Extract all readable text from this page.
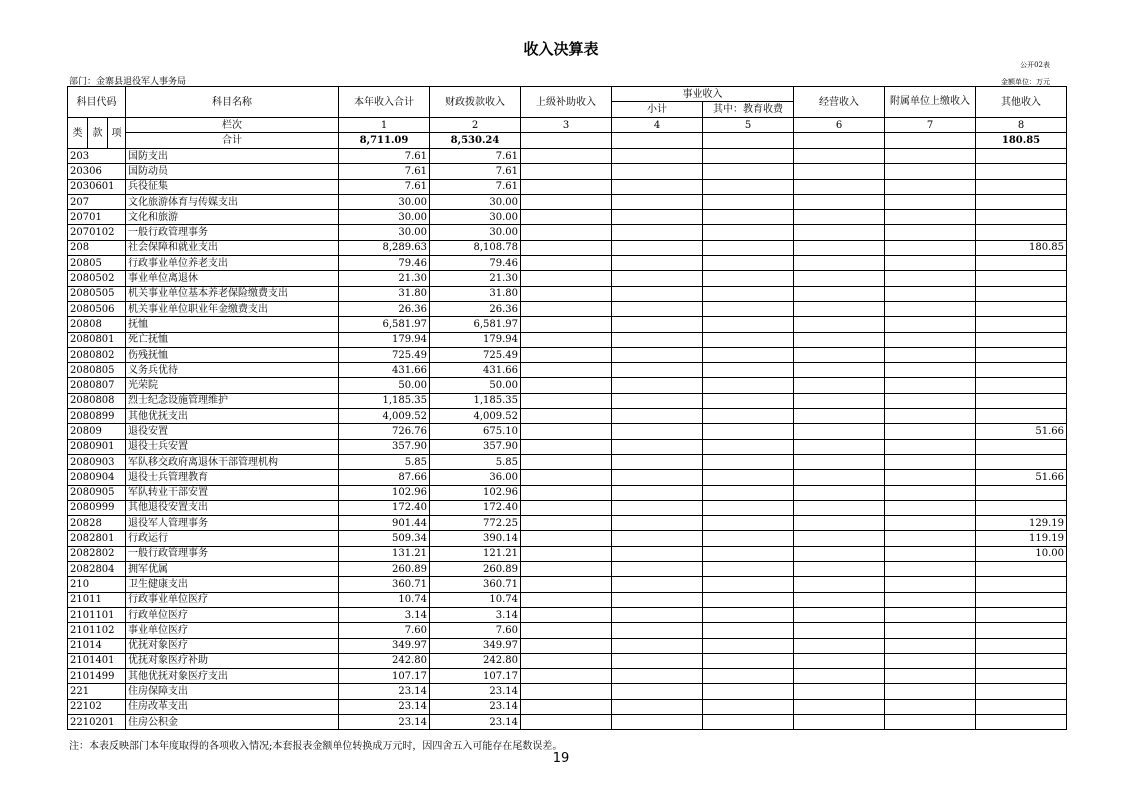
收入决算表
公开02表
部门：金寨县退役军人事务局	金额单位：万元
科目代码			科目名称	本年收入合计	财政拨款收入	上级补助收入	事业收入		经营收入	附属单位上缴收入	其他收入
							小计	其中：教育收费			
类	款	项	栏次	1	2	3	4	5	6	7	8
			合计	8,711.09	8,530.24						180.85
203			国防支出	7.61	7.61						
20306			国防动员	7.61	7.61						
2030601			兵役征集	7.61	7.61						
207			文化旅游体育与传媒支出	30.00	30.00						
20701			文化和旅游	30.00	30.00						
2070102			一般行政管理事务	30.00	30.00						
208			社会保障和就业支出	8,289.63	8,108.78						180.85
20805			行政事业单位养老支出	79.46	79.46						
2080502			事业单位离退休	21.30	21.30						
2080505			机关事业单位基本养老保险缴费支出	31.80	31.80						
2080506			机关事业单位职业年金缴费支出	26.36	26.36						
20808			抚恤	6,581.97	6,581.97						
2080801			死亡抚恤	179.94	179.94						
2080802			伤残抚恤	725.49	725.49						
2080805			义务兵优待	431.66	431.66						
2080807			光荣院	50.00	50.00						
2080808			烈士纪念设施管理维护	1,185.35	1,185.35						
2080899			其他优抚支出	4,009.52	4,009.52						
20809			退役安置	726.76	675.10						51.66
2080901			退役士兵安置	357.90	357.90						
2080903			军队移交政府离退休干部管理机构	5.85	5.85						
2080904			退役士兵管理教育	87.66	36.00						51.66
2080905			军队转业干部安置	102.96	102.96						
2080999			其他退役安置支出	172.40	172.40						
20828			退役军人管理事务	901.44	772.25						129.19
2082801			行政运行	509.34	390.14						119.19
2082802			一般行政管理事务	131.21	121.21						10.00
2082804			拥军优属	260.89	260.89						
210			卫生健康支出	360.71	360.71						
21011			行政事业单位医疗	10.74	10.74						
2101101			行政单位医疗	3.14	3.14						
2101102			事业单位医疗	7.60	7.60						
21014			优抚对象医疗	349.97	349.97						
2101401			优抚对象医疗补助	242.80	242.80						
2101499			其他优抚对象医疗支出	107.17	107.17						
221			住房保障支出	23.14	23.14						
22102			住房改革支出	23.14	23.14						
2210201			住房公积金	23.14	23.14						
注：本表反映部门本年度取得的各项收入情况;本套报表金额单位转换成万元时，因四舍五入可能存在尾数误差。
19
